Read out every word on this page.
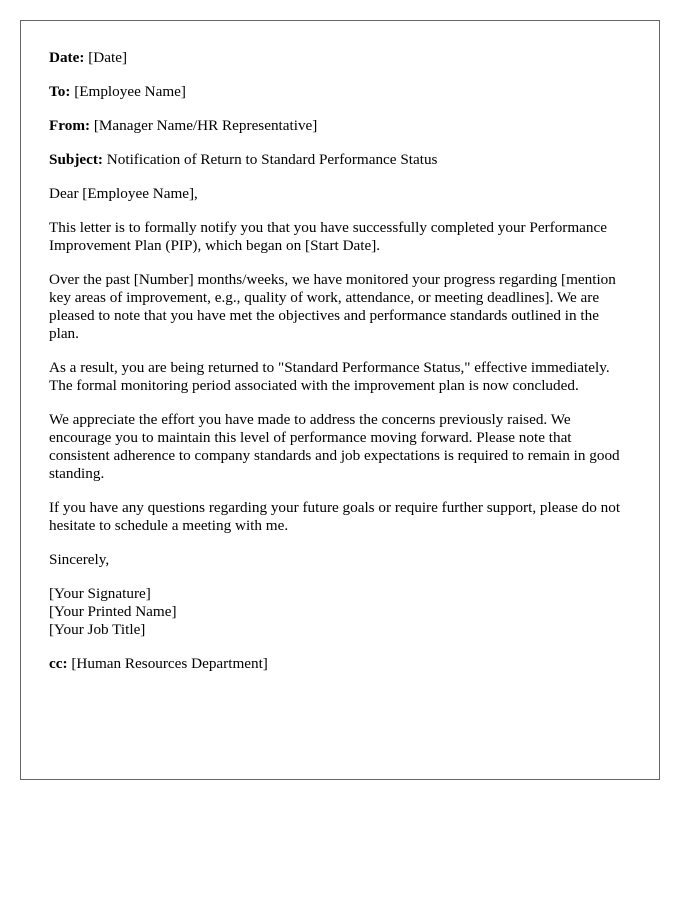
Date: [Date]

To: [Employee Name]

From: [Manager Name/HR Representative]

Subject: Notification of Return to Standard Performance Status

Dear [Employee Name],

This letter is to formally notify you that you have successfully completed your Performance Improvement Plan (PIP), which began on [Start Date].

Over the past [Number] months/weeks, we have monitored your progress regarding [mention key areas of improvement, e.g., quality of work, attendance, or meeting deadlines]. We are pleased to note that you have met the objectives and performance standards outlined in the plan.

As a result, you are being returned to "Standard Performance Status," effective immediately. The formal monitoring period associated with the improvement plan is now concluded.

We appreciate the effort you have made to address the concerns previously raised. We encourage you to maintain this level of performance moving forward. Please note that consistent adherence to company standards and job expectations is required to remain in good standing.

If you have any questions regarding your future goals or require further support, please do not hesitate to schedule a meeting with me.

Sincerely,

[Your Signature]
[Your Printed Name]
[Your Job Title]

cc: [Human Resources Department]
